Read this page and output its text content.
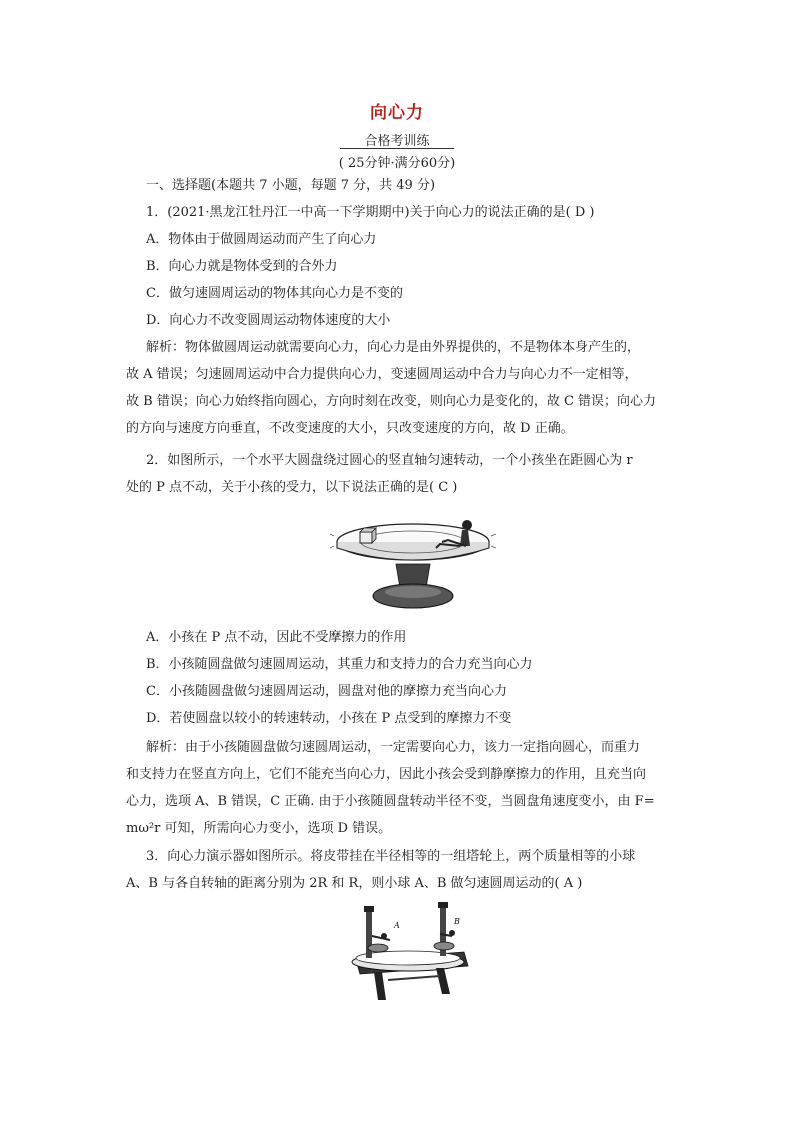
向心力
合格考训练
( 25分钟·满分60分)
一、选择题(本题共 7 小题，每题 7 分，共 49 分)
1．(2021·黑龙江牡丹江一中高一下学期期中)关于向心力的说法正确的是( D )
A．物体由于做圆周运动而产生了向心力
B．向心力就是物体受到的合外力
C．做匀速圆周运动的物体其向心力是不变的
D．向心力不改变圆周运动物体速度的大小
解析：物体做圆周运动就需要向心力，向心力是由外界提供的，不是物体本身产生的，
故 A 错误；匀速圆周运动中合力提供向心力，变速圆周运动中合力与向心力不一定相等，
故 B 错误；向心力始终指向圆心，方向时刻在改变，则向心力是变化的，故 C 错误；向心力
的方向与速度方向垂直，不改变速度的大小，只改变速度的方向，故 D 正确。
2．如图所示，一个水平大圆盘绕过圆心的竖直轴匀速转动，一个小孩坐在距圆心为 r
处的 P 点不动，关于小孩的受力，以下说法正确的是( C )
A．小孩在 P 点不动，因此不受摩擦力的作用
B．小孩随圆盘做匀速圆周运动，其重力和支持力的合力充当向心力
C．小孩随圆盘做匀速圆周运动，圆盘对他的摩擦力充当向心力
D．若使圆盘以较小的转速转动，小孩在 P 点受到的摩擦力不变
解析：由于小孩随圆盘做匀速圆周运动，一定需要向心力，该力一定指向圆心，而重力
和支持力在竖直方向上，它们不能充当向心力，因此小孩会受到静摩擦力的作用，且充当向
心力，选项 A、B 错误，C 正确. 由于小孩随圆盘转动半径不变，当圆盘角速度变小，由 F=
mω²r 可知，所需向心力变小，选项 D 错误。
3．向心力演示器如图所示。将皮带挂在半径相等的一组塔轮上，两个质量相等的小球
A、B 与各自转轴的距离分别为 2R 和 R，则小球 A、B 做匀速圆周运动的( A )
A	B
